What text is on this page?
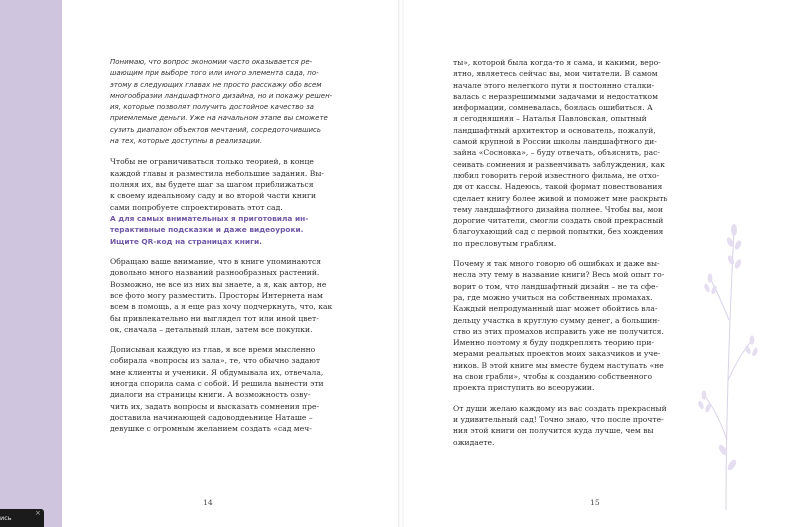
Понимаю, что вопрос экономии часто оказывается ре-
шающим при выборе того или иного элемента сада, по-
этому в следующих главах не просто расскажу обо всем
многообразии ландшафтного дизайна, но и покажу решен-
ия, которые позволят получить достойное качество за
приемлемые деньги. Уже на начальном этапе вы сможете
сузить диапазон объектов мечтаний, сосредоточившись
на тех, которые доступны в реализации.

Чтобы не ограничиваться только теорией, в конце
каждой главы я разместила небольшие задания. Вы-
полняя их, вы будете шаг за шагом приближаться
к своему идеальному саду и во второй части книги
сами попробуете спроектировать этот сад.

А для самых внимательных я приготовила ин-
терактивные подсказки и даже видеоуроки.
Ищите QR-код на страницах книги.

Обращаю ваше внимание, что в книге упоминаются
довольно много названий разнообразных растений.
Возможно, не все из них вы знаете, а я, как автор, не
все фото могу разместить. Просторы Интернета нам
всем в помощь, а я еще раз хочу подчеркнуть, что, как
бы привлекательно ни выглядел тот или иной цвет-
ок, сначала – детальный план, затем все покупки.

Дописывая каждую из глав, я все время мысленно
собирала «вопросы из зала», те, что обычно задают
мне клиенты и ученики. Я обдумывала их, отвечала,
иногда спорила сама с собой. И решила вынести эти
диалоги на страницы книги. А возможность озву-
чить их, задать вопросы и высказать сомнения пре-
доставила начинающей садоводдеьнице Наташе –
девушке с огромным желанием создать «сад меч-

ты», которой была когда-то я сама, и какими, веро-
ятно, являетесь сейчас вы, мои читатели. В самом
начале этого нелегкого пути я постоянно сталки-
валась с неразрешимыми задачами и недостатком
информации, сомневалась, боялась ошибиться. А
я сегодняшняя – Наталья Павловская, опытный
ландшафтный архитектор и основатель, пожалуй,
самой крупной в России школы ландшафтного ди-
зайна «Сосновка», – буду отвечать, объяснять, рас-
сеивать сомнения и развенчивать заблуждения, как
любил говорить герой известного фильма, не отхо-
дя от кассы. Надеюсь, такой формат повествования
сделает книгу более живой и поможет мне раскрыть
тему ландшафтного дизайна полнее. Чтобы вы, мои
дорогие читатели, смогли создать свой прекрасный
благоухающий сад с первой попытки, без хождения
по пресловутым граблям.

Почему я так много говорю об ошибках и даже вы-
несла эту тему в название книги? Весь мой опыт го-
ворит о том, что ландшафтный дизайн – не та сфе-
ра, где можно учиться на собственных промахах.
Каждый непродуманный шаг может обойтись вла-
дельцу участка в круглую сумму денег, а большин-
ство из этих промахов исправить уже не получится.
Именно поэтому я буду подкреплять теорию при-
мерами реальных проектов моих заказчиков и уче-
ников. В этой книге мы вместе будем наступать «не
на свои грабли», чтобы к созданию собственного
проекта приступить во всеоружии.

От души желаю каждому из вас создать прекрасный
и удивительный сад! Точно знаю, что после прочте-
ния этой книги он получится куда лучше, чем вы
ожидаете.

14	15
ись
×
